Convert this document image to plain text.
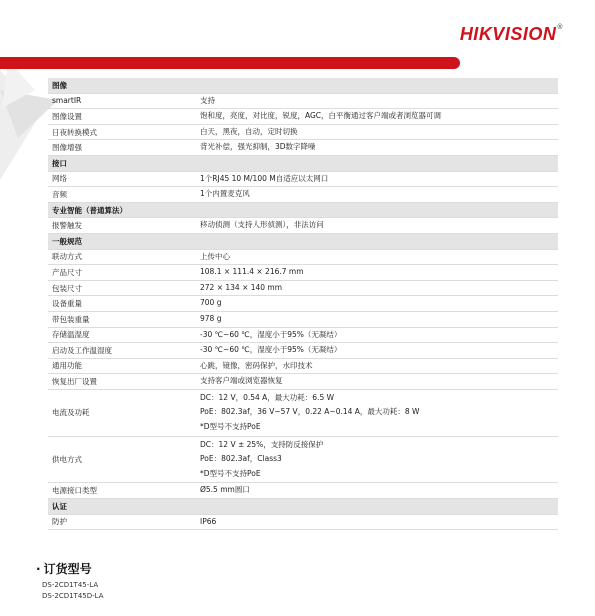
HIKVISION®
图像	
smartIR	支持

图像设置	饱和度，亮度，对比度，锐度，AGC，白平衡通过客户端或者浏览器可调

日夜转换模式	白天，黑夜，自动，定时切换

图像增强	背光补偿，强光抑制，3D数字降噪

接口	
网络	1个RJ45 10 M/100 M自适应以太网口

音频	1个内置麦克风

专业智能（普通算法）	
报警触发	移动侦测（支持人形侦测），非法访问

一般规范	
联动方式	上传中心

产品尺寸	108.1 × 111.4 × 216.7 mm

包装尺寸	272 × 134 × 140 mm

设备重量	700 g

带包装重量	978 g

存储温湿度	-30 ℃~60 ℃，湿度小于95%（无凝结）

启动及工作温湿度	-30 ℃~60 ℃，湿度小于95%（无凝结）

通用功能	心跳，镜像，密码保护，水印技术

恢复出厂设置	支持客户端或浏览器恢复

电流及功耗	DC：12 V，0.54 A，最大功耗：6.5 W
PoE：802.3af，36 V~57 V，0.22 A~0.14 A，最大功耗：8 W
*D型号不支持PoE

供电方式	DC：12 V ± 25%，支持防反接保护
PoE：802.3af，Class3
*D型号不支持PoE

电源接口类型	Ø5.5 mm圆口

认证	
防护	IP66
· 订货型号
DS-2CD1T45-LA
DS-2CD1T45D-LA
